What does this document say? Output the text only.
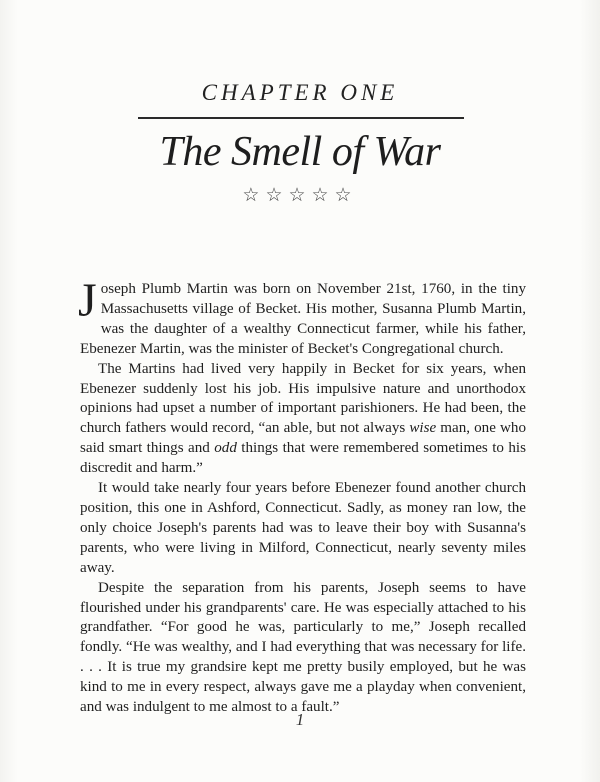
CHAPTER ONE
The Smell of War
☆☆☆☆☆

Joseph Plumb Martin was born on November 21st, 1760, in the tiny Massachusetts village of Becket. His mother, Susanna Plumb Martin, was the daughter of a wealthy Connecticut farmer, while his father, Ebenezer Martin, was the minister of Becket's Congregational church.

The Martins had lived very happily in Becket for six years, when Ebenezer suddenly lost his job. His impulsive nature and unorthodox opinions had upset a number of important parishioners. He had been, the church fathers would record, “an able, but not always wise man, one who said smart things and odd things that were remembered sometimes to his discredit and harm.”

It would take nearly four years before Ebenezer found another church position, this one in Ashford, Connecticut. Sadly, as money ran low, the only choice Joseph's parents had was to leave their boy with Susanna's parents, who were living in Milford, Connecticut, nearly seventy miles away.

Despite the separation from his parents, Joseph seems to have flourished under his grandparents' care. He was especially attached to his grandfather. “For good he was, particularly to me,” Joseph recalled fondly. “He was wealthy, and I had everything that was necessary for life. . . . It is true my grandsire kept me pretty busily employed, but he was kind to me in every respect, always gave me a playday when convenient, and was indulgent to me almost to a fault.”

1
